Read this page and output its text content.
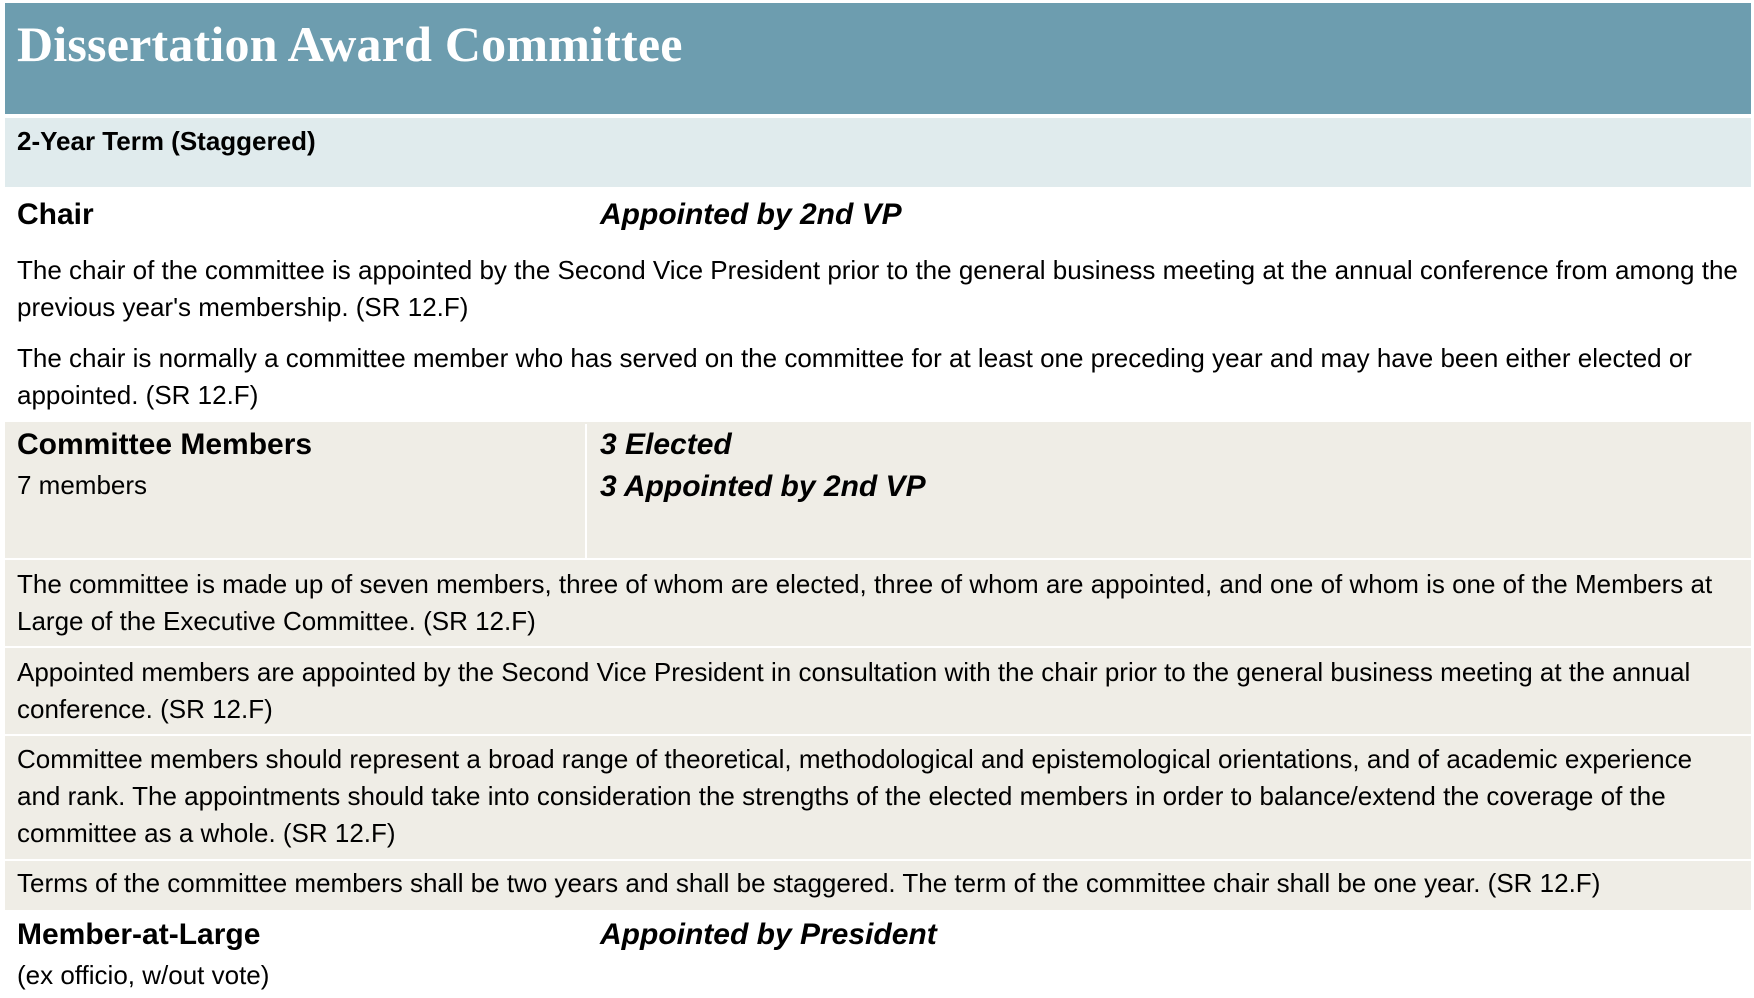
Dissertation Award Committee
2-Year Term (Staggered)
Chair	Appointed by 2nd VP

The chair of the committee is appointed by the Second Vice President prior to the general business meeting at the annual conference from among the previous year's membership. (SR 12.F)

The chair is normally a committee member who has served on the committee for at least one preceding year and may have been either elected or appointed. (SR 12.F)

Committee Members
7 members
3 Elected
3 Appointed by 2nd VP

The committee is made up of seven members, three of whom are elected, three of whom are appointed, and one of whom is one of the Members at Large of the Executive Committee. (SR 12.F)

Appointed members are appointed by the Second Vice President in consultation with the chair prior to the general business meeting at the annual conference. (SR 12.F)

Committee members should represent a broad range of theoretical, methodological and epistemological orientations, and of academic experience and rank. The appointments should take into consideration the strengths of the elected members in order to balance/extend the coverage of the committee as a whole. (SR 12.F)

Terms of the committee members shall be two years and shall be staggered. The term of the committee chair shall be one year. (SR 12.F)

Member-at-Large
(ex officio, w/out vote)
Appointed by President
